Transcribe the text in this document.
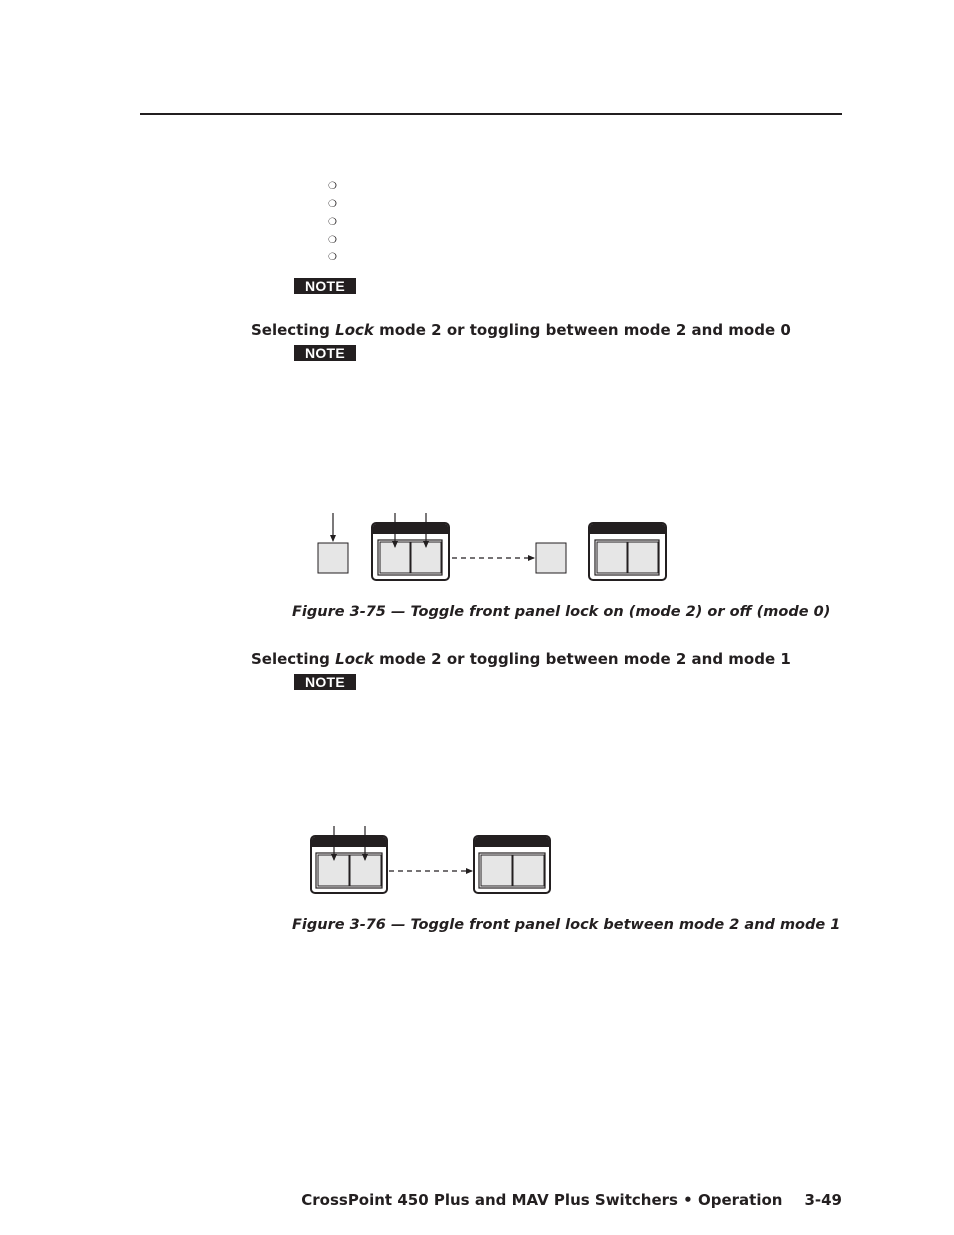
❍
❍
❍
❍
❍
NOTE
Selecting Lock mode 2 or toggling between mode 2 and mode 0
NOTE
Figure 3-75 — Toggle front panel lock on (mode 2) or off (mode 0)
Selecting Lock mode 2 or toggling between mode 2 and mode 1
NOTE
Figure 3-76 — Toggle front panel lock between mode 2 and mode 1
CrossPoint 450 Plus and MAV Plus Switchers • Operation 3-49
